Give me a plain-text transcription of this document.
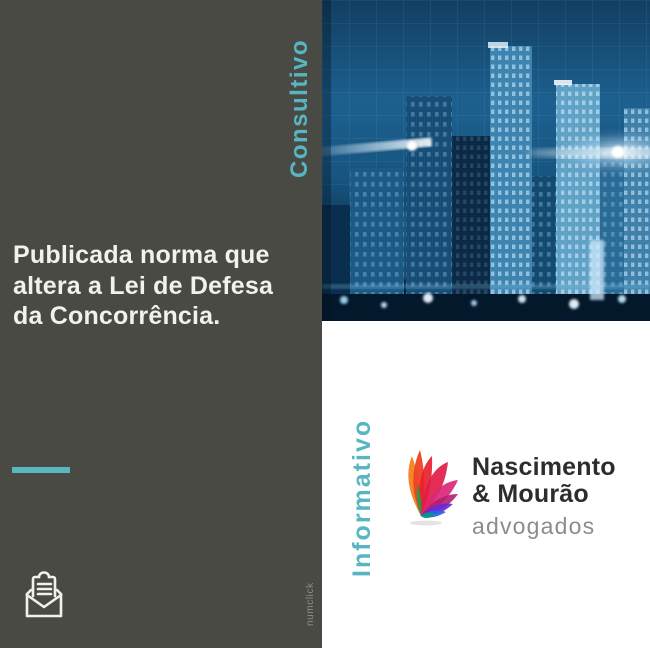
Consultivo
Publicada norma que
altera a Lei de Defesa
da Concorrência.
numclick
Informativo	Nascimento
& Mourão
advogados
